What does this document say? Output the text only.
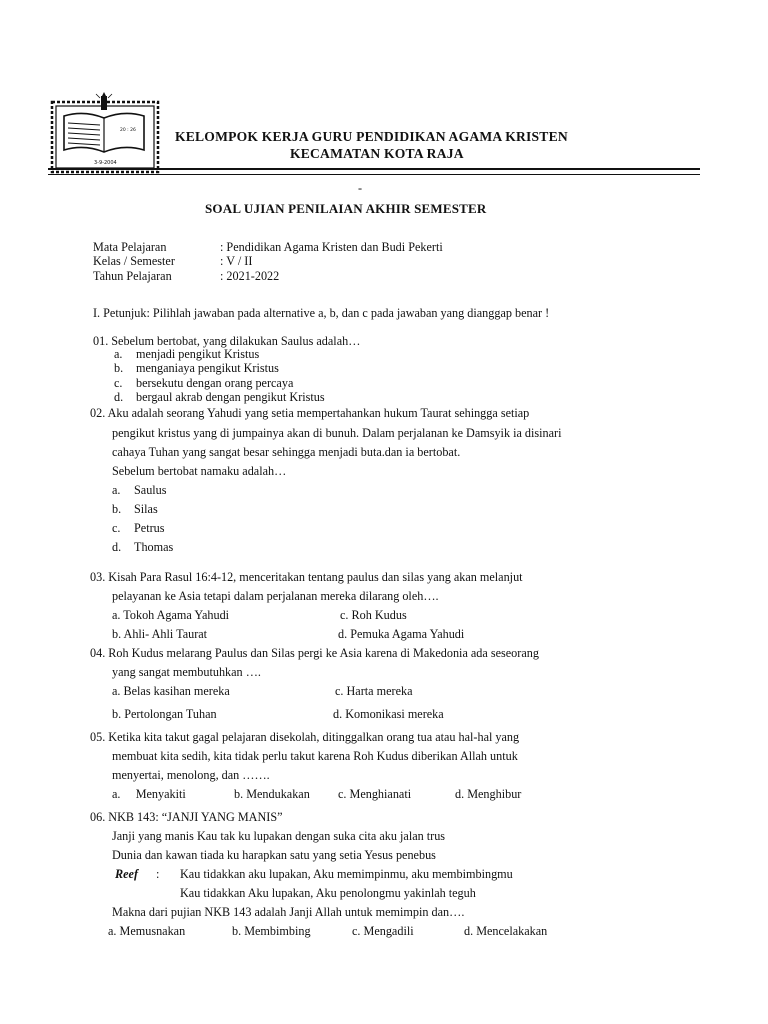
20 : 26
3-9-2004
KELOMPOK KERJA GURU PENDIDIKAN AGAMA KRISTEN
KECAMATAN KOTA RAJA
-
SOAL UJIAN PENILAIAN AKHIR SEMESTER
Mata Pelajaran	: Pendidikan Agama Kristen dan Budi Pekerti
Kelas / Semester	: V / II
Tahun Pelajaran	: 2021-2022
I. Petunjuk: Pilihlah jawaban pada alternative a, b, dan c pada jawaban yang dianggap benar !
01. Sebelum bertobat, yang dilakukan Saulus adalah…
a. menjadi pengikut Kristus
b. menganiaya pengikut Kristus
c. bersekutu dengan orang percaya
d. bergaul akrab dengan pengikut Kristus
02. Aku adalah seorang Yahudi yang setia mempertahankan hukum Taurat sehingga setiap
pengikut kristus yang di jumpainya akan di bunuh. Dalam perjalanan ke Damsyik ia disinari
cahaya Tuhan yang sangat besar sehingga menjadi buta.dan ia bertobat.
Sebelum bertobat namaku adalah…
a. Saulus
b. Silas
c. Petrus
d. Thomas
03. Kisah Para Rasul 16:4-12, menceritakan tentang paulus dan silas yang akan melanjut
pelayanan ke Asia tetapi dalam perjalanan mereka dilarang oleh….
a. Tokoh Agama Yahudi	c. Roh Kudus
b. Ahli- Ahli Taurat	d. Pemuka Agama Yahudi
04. Roh Kudus melarang Paulus dan Silas pergi ke Asia karena di Makedonia ada seseorang
yang sangat membutuhkan ….
a. Belas kasihan mereka	c. Harta mereka
b. Pertolongan Tuhan	d. Komonikasi mereka
05. Ketika kita takut gagal pelajaran disekolah, ditinggalkan orang tua atau hal-hal yang
membuat kita sedih, kita tidak perlu takut karena Roh Kudus diberikan Allah untuk
menyertai, menolong, dan …….
a.     Menyakiti	b. Mendukakan c. Menghianati	d. Menghibur
06. NKB 143: “JANJI YANG MANIS”
Janji yang manis Kau tak ku lupakan dengan suka cita aku jalan trus
Dunia dan kawan tiada ku harapkan satu yang setia Yesus penebus
Reef : Kau tidakkan aku lupakan, Aku memimpinmu, aku membimbingmu
Kau tidakkan Aku lupakan, Aku penolongmu yakinlah teguh
Makna dari pujian NKB 143 adalah Janji Allah untuk memimpin dan….
a. Memusnakan	b. Membimbing	c. Mengadili	d. Mencelakakan
